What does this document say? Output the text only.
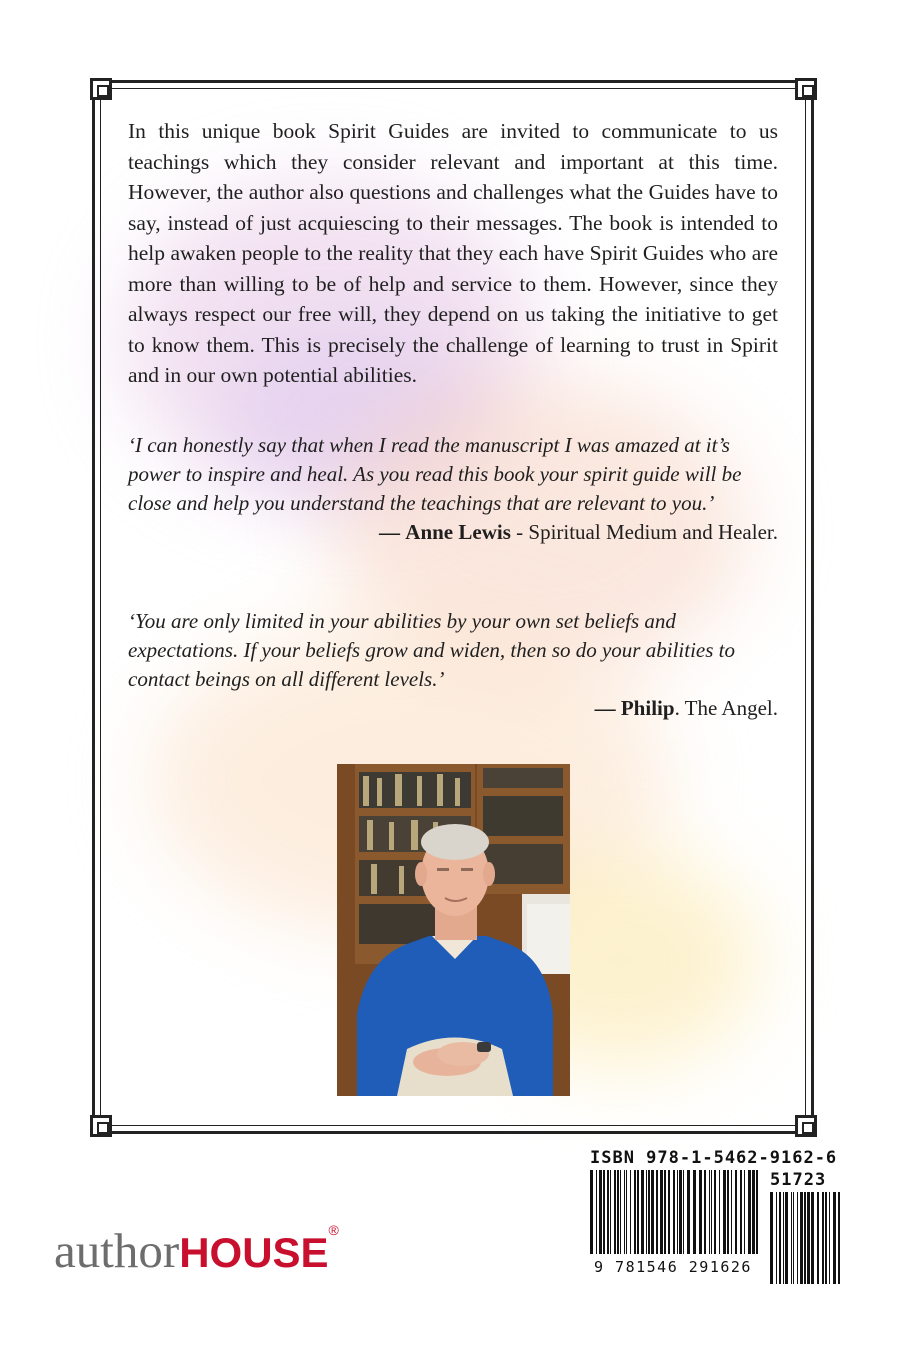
In this unique book Spirit Guides are invited to communicate to us teachings which they consider relevant and important at this time. However, the author also questions and challenges what the Guides have to say, instead of just acquiescing to their messages. The book is intended to help awaken people to the reality that they each have Spirit Guides who are more than willing to be of help and service to them. However, since they always respect our free will, they depend on us taking the initiative to get to know them. This is precisely the challenge of learning to trust in Spirit and in our own potential abilities.

‘I can honestly say that when I read the manuscript I was amazed at it’s power to inspire and heal. As you read this book your spirit guide will be close and help you understand the teachings that are relevant to you.’

— Anne Lewis - Spiritual Medium and Healer.

‘You are only limited in your abilities by your own set beliefs and expectations. If your beliefs grow and widen, then so do your abilities to contact beings on all different levels.’

— Philip. The Angel.

ISBN 978-1-5462-9162-6
51723
9 781546 291626
authorHOUSE®
